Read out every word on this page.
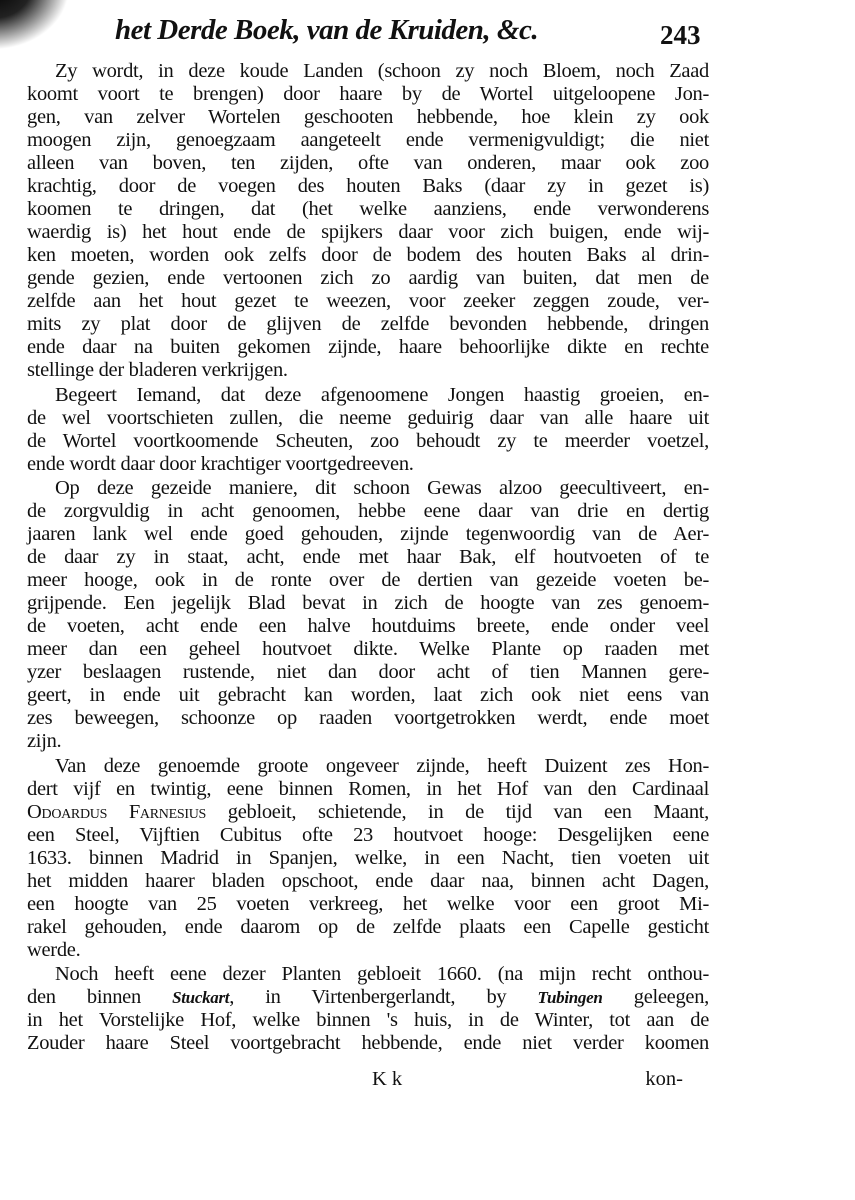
het Derde Boek, van de Kruiden, &c.	243
Zy wordt, in deze koude Landen (schoon zy noch Bloem, noch Zaad
koomt voort te brengen) door haare by de Wortel uitgeloopene Jon-
gen, van zelver Wortelen geschooten hebbende, hoe klein zy ook
moogen zijn, genoegzaam aangeteelt ende vermenigvuldigt; die niet
alleen van boven, ten zijden, ofte van onderen, maar ook zoo
krachtig, door de voegen des houten Baks (daar zy in gezet is)
koomen te dringen, dat (het welke aanziens, ende verwonderens
waerdig is) het hout ende de spijkers daar voor zich buigen, ende wij-
ken moeten, worden ook zelfs door de bodem des houten Baks al drin-
gende gezien, ende vertoonen zich zo aardig van buiten, dat men de
zelfde aan het hout gezet te weezen, voor zeeker zeggen zoude, ver-
mits zy plat door de glijven de zelfde bevonden hebbende, dringen
ende daar na buiten gekomen zijnde, haare behoorlijke dikte en rechte
stellinge der bladeren verkrijgen.
Begeert Iemand, dat deze afgenoomene Jongen haastig groeien, en-
de wel voortschieten zullen, die neeme geduirig daar van alle haare uit
de Wortel voortkoomende Scheuten, zoo behoudt zy te meerder voetzel,
ende wordt daar door krachtiger voortgedreeven.
Op deze gezeide maniere, dit schoon Gewas alzoo geecultiveert, en-
de zorgvuldig in acht genoomen, hebbe eene daar van drie en dertig
jaaren lank wel ende goed gehouden, zijnde tegenwoordig van de Aer-
de daar zy in staat, acht, ende met haar Bak, elf houtvoeten of te
meer hooge, ook in de ronte over de dertien van gezeide voeten be-
grijpende. Een jegelijk Blad bevat in zich de hoogte van zes genoem-
de voeten, acht ende een halve houtduims breete, ende onder veel
meer dan een geheel houtvoet dikte. Welke Plante op raaden met
yzer beslaagen rustende, niet dan door acht of tien Mannen gere-
geert, in ende uit gebracht kan worden, laat zich ook niet eens van
zes beweegen, schoonze op raaden voortgetrokken werdt, ende moet
zijn.
Van deze genoemde groote ongeveer zijnde, heeft Duizent zes Hon-
dert vijf en twintig, eene binnen Romen, in het Hof van den Cardinaal
Odoardus Farnesius gebloeit, schietende, in de tijd van een Maant,
een Steel, Vijftien Cubitus ofte 23 houtvoet hooge: Desgelijken eene
1633. binnen Madrid in Spanjen, welke, in een Nacht, tien voeten uit
het midden haarer bladen opschoot, ende daar naa, binnen acht Dagen,
een hoogte van 25 voeten verkreeg, het welke voor een groot Mi-
rakel gehouden, ende daarom op de zelfde plaats een Capelle gesticht
werde.
Noch heeft eene dezer Planten gebloeit 1660. (na mijn recht onthou-
den binnen Stuckart, in Virtenbergerlandt, by Tubingen geleegen,
in het Vorstelijke Hof, welke binnen 's huis, in de Winter, tot aan de
Zouder haare Steel voortgebracht hebbende, ende niet verder koomen
K k	kon-
